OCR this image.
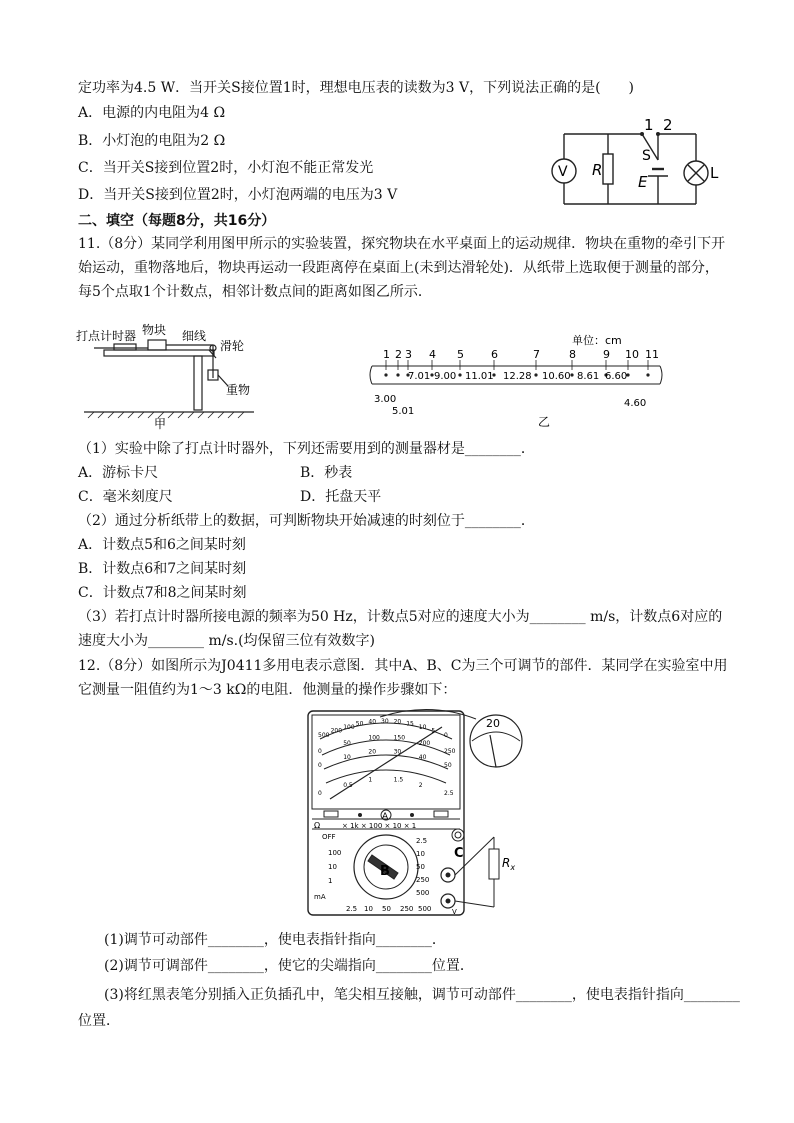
定功率为4.5 W．当开关S接位置1时，理想电压表的读数为3 V，下列说法正确的是(　　)
A．电源的内电阻为4 Ω
B．小灯泡的电阻为2 Ω
C．当开关S接到位置2时，小灯泡不能正常发光
D．当开关S接到位置2时，小灯泡两端的电压为3 V
1 2
V R
S
E	L
二、填空（每题8分，共16分）
11.（8分）某同学利用图甲所示的实验装置，探究物块在水平桌面上的运动规律．物块在重物的牵引下开
始运动，重物落地后，物块再运动一段距离停在桌面上(未到达滑轮处)．从纸带上选取便于测量的部分，
每5个点取1个计数点，相邻计数点间的距离如图乙所示．
打点计时器 物块 细线
滑轮
重物
甲
单位：cm
1 2 3 4 5 6	7	8 9 10 11
3.00
5.01
7.01 9.00 11.01 12.28 10.60 8.61 6.60
4.60
乙
（1）实验中除了打点计时器外，下列还需要用到的测量器材是________．
A．游标卡尺	B．秒表
C．毫米刻度尺	D．托盘天平
（2）通过分析纸带上的数据，可判断物块开始减速的时刻位于________．
A．计数点5和6之间某时刻
B．计数点6和7之间某时刻
C．计数点7和8之间某时刻
（3）若打点计时器所接电源的频率为50 Hz，计数点5对应的速度大小为________ m/s，计数点6对应的
速度大小为________ m/s.(均保留三位有效数字)
12.（8分）如图所示为J0411多用电表示意图．其中A、B、C为三个可调节的部件．某同学在实验室中用
它测量一阻值约为1～3 kΩ的电阻．他测量的操作步骤如下：
A
B
C
× 1k × 100 × 10 × 1
Ω
OFF
mA
V
20
$R_x$
500
200
100 50 40 30 20 15 10
5
0
0
50
100 150
200
250
0
10
20	30
40
50
0
0.5
1	1.5
2
2.5
100
10
1
2.5
10
50
250
500
2.5 10 50 250 500
(1)调节可动部件________，使电表指针指向________．
(2)调节可调部件________，使它的尖端指向________位置．
(3)将红黑表笔分别插入正负插孔中，笔尖相互接触，调节可动部件________，使电表指针指向________
位置．
